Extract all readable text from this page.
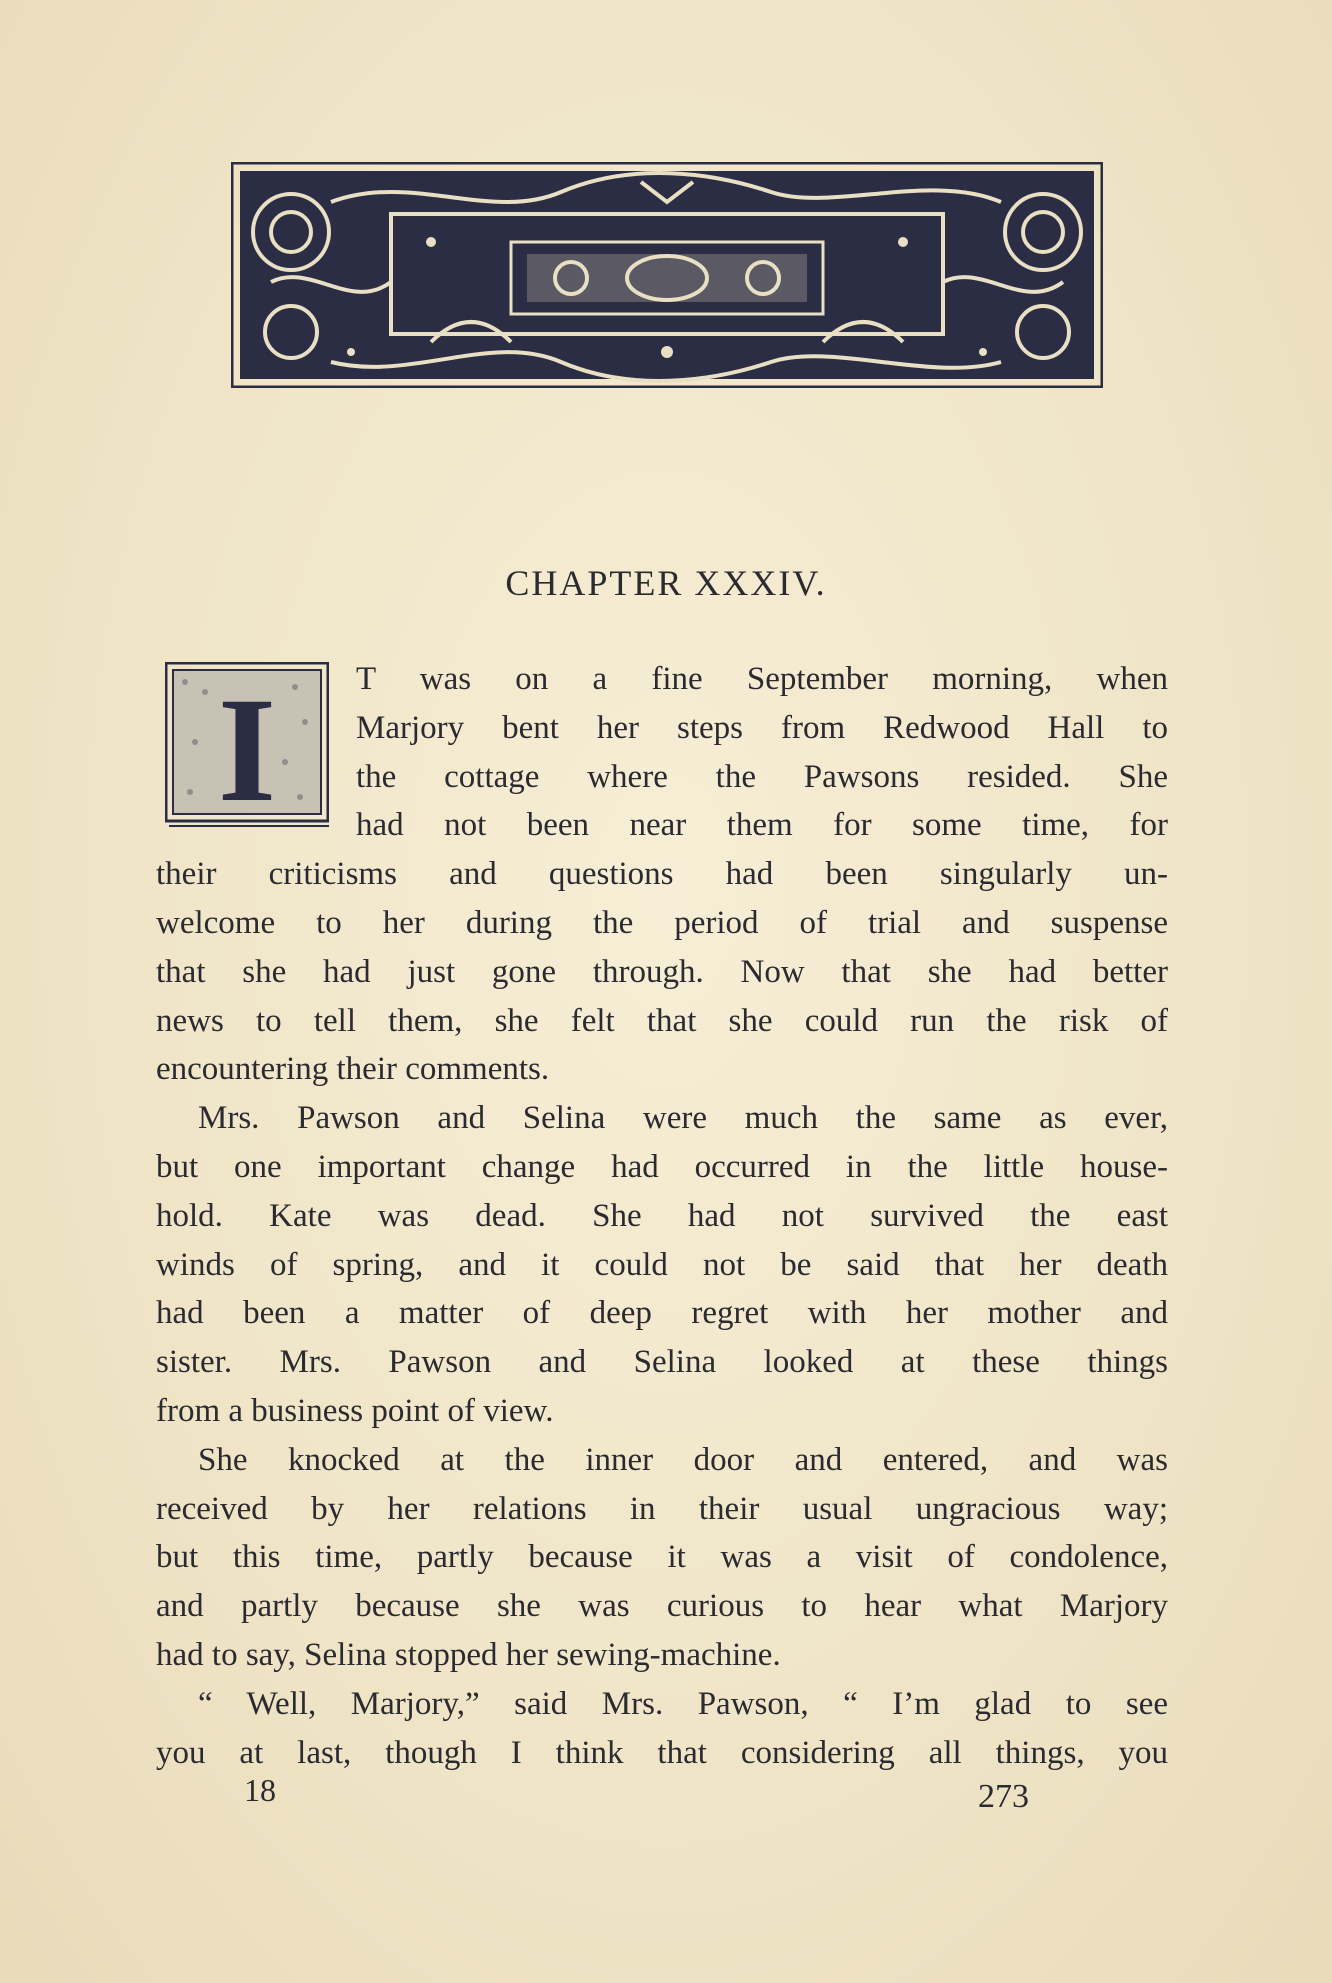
CHAPTER XXXIV.
I T was on a fine September morning, when
Marjory bent her steps from Redwood Hall to
the cottage where the Pawsons resided. She
had not been near them for some time, for
their criticisms and questions had been singularly un-
welcome to her during the period of trial and suspense
that she had just gone through. Now that she had better
news to tell them, she felt that she could run the risk of
encountering their comments.
Mrs. Pawson and Selina were much the same as ever,
but one important change had occurred in the little house-
hold. Kate was dead. She had not survived the east
winds of spring, and it could not be said that her death
had been a matter of deep regret with her mother and
sister. Mrs. Pawson and Selina looked at these things
from a business point of view.
She knocked at the inner door and entered, and was
received by her relations in their usual ungracious way;
but this time, partly because it was a visit of condolence,
and partly because she was curious to hear what Marjory
had to say, Selina stopped her sewing-machine.
“ Well, Marjory,” said Mrs. Pawson, “ I’m glad to see
you at last, though I think that considering all things, you
18	273
